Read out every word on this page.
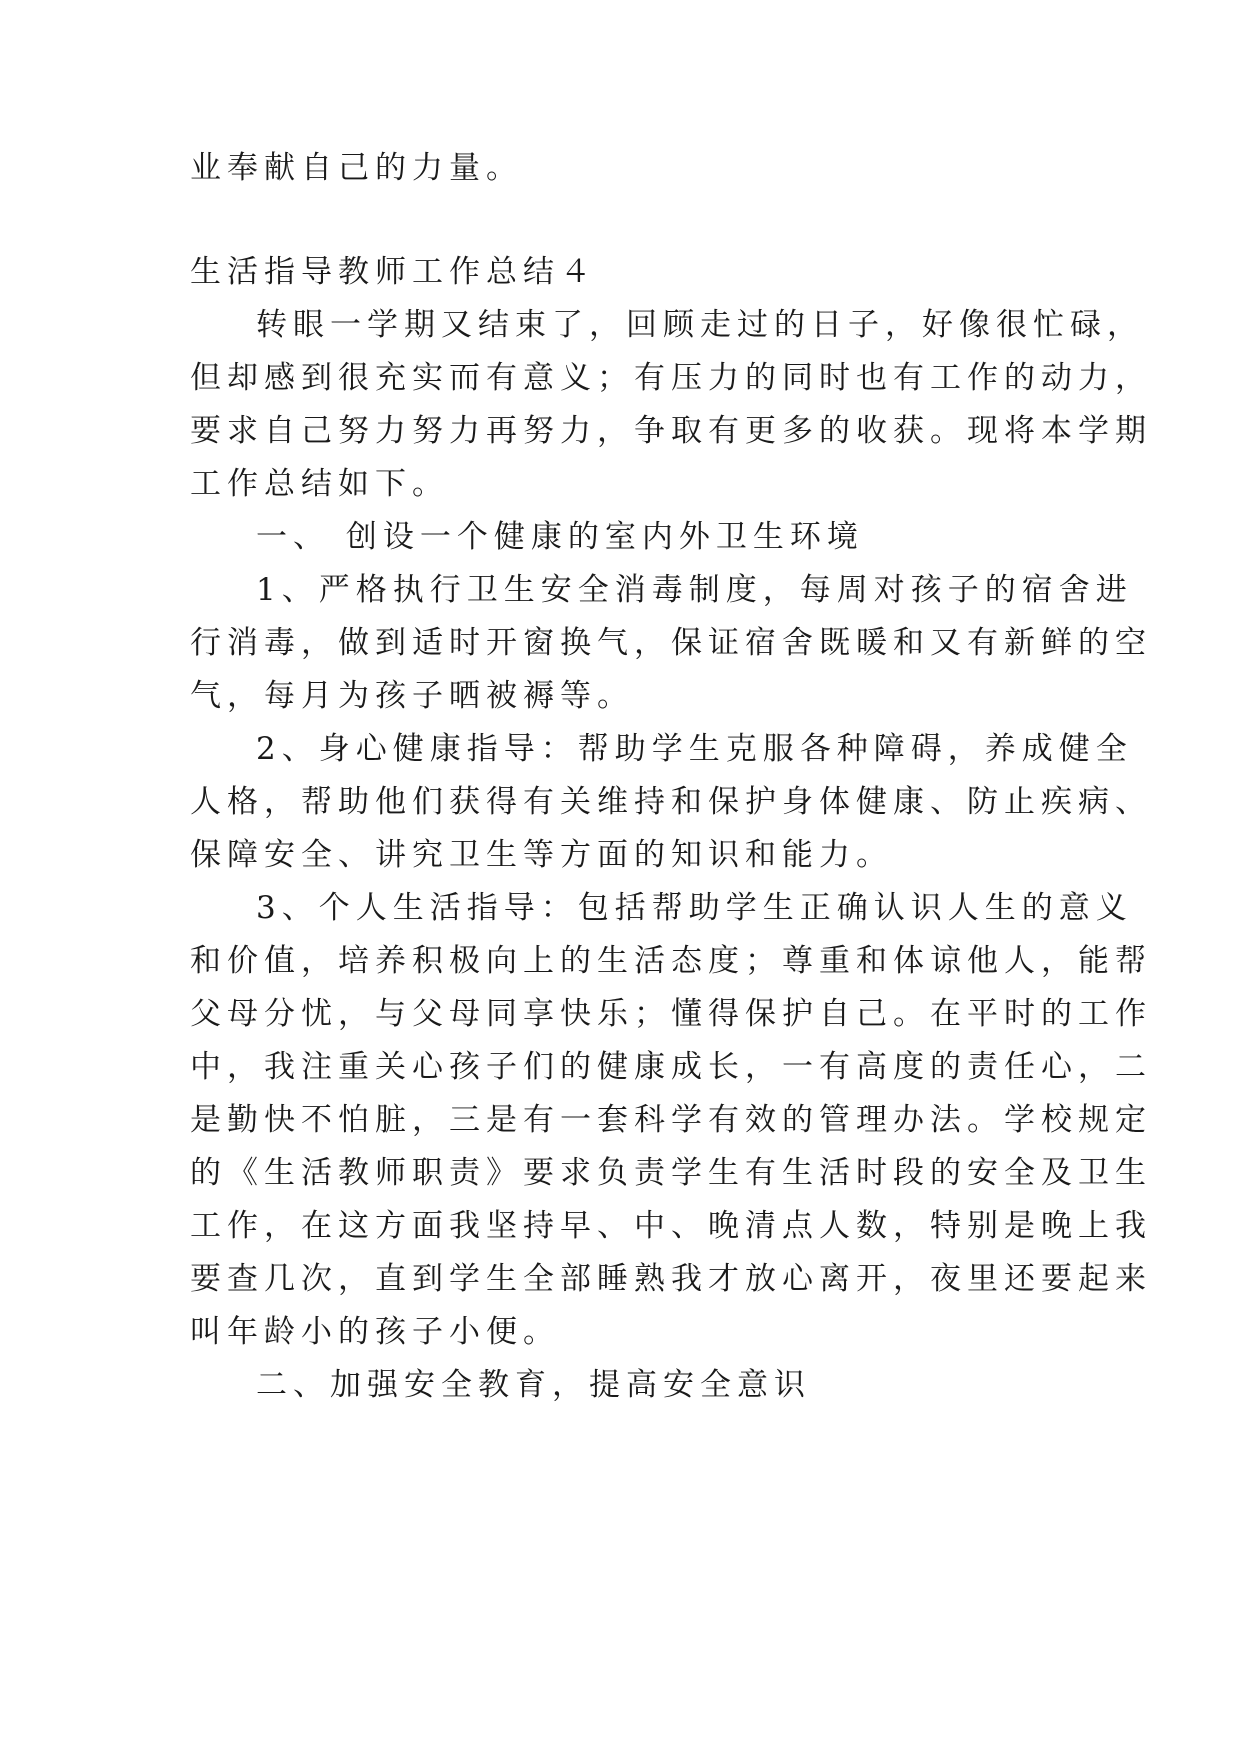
业奉献自己的力量。
生活指导教师工作总结４
转眼一学期又结束了，回顾走过的日子，好像很忙碌，
但却感到很充实而有意义；有压力的同时也有工作的动力，
要求自己努力努力再努力，争取有更多的收获。现将本学期
工作总结如下。
一、 创设一个健康的室内外卫生环境
1、严格执行卫生安全消毒制度，每周对孩子的宿舍进
行消毒，做到适时开窗换气，保证宿舍既暖和又有新鲜的空
气，每月为孩子晒被褥等。
2、身心健康指导：帮助学生克服各种障碍，养成健全
人格，帮助他们获得有关维持和保护身体健康、防止疾病、
保障安全、讲究卫生等方面的知识和能力。
3、个人生活指导：包括帮助学生正确认识人生的意义
和价值，培养积极向上的生活态度；尊重和体谅他人，能帮
父母分忧，与父母同享快乐；懂得保护自己。在平时的工作
中，我注重关心孩子们的健康成长，一有高度的责任心，二
是勤快不怕脏，三是有一套科学有效的管理办法。学校规定
的《生活教师职责》要求负责学生有生活时段的安全及卫生
工作，在这方面我坚持早、中、晚清点人数，特别是晚上我
要查几次，直到学生全部睡熟我才放心离开，夜里还要起来
叫年龄小的孩子小便。
二、加强安全教育，提高安全意识
